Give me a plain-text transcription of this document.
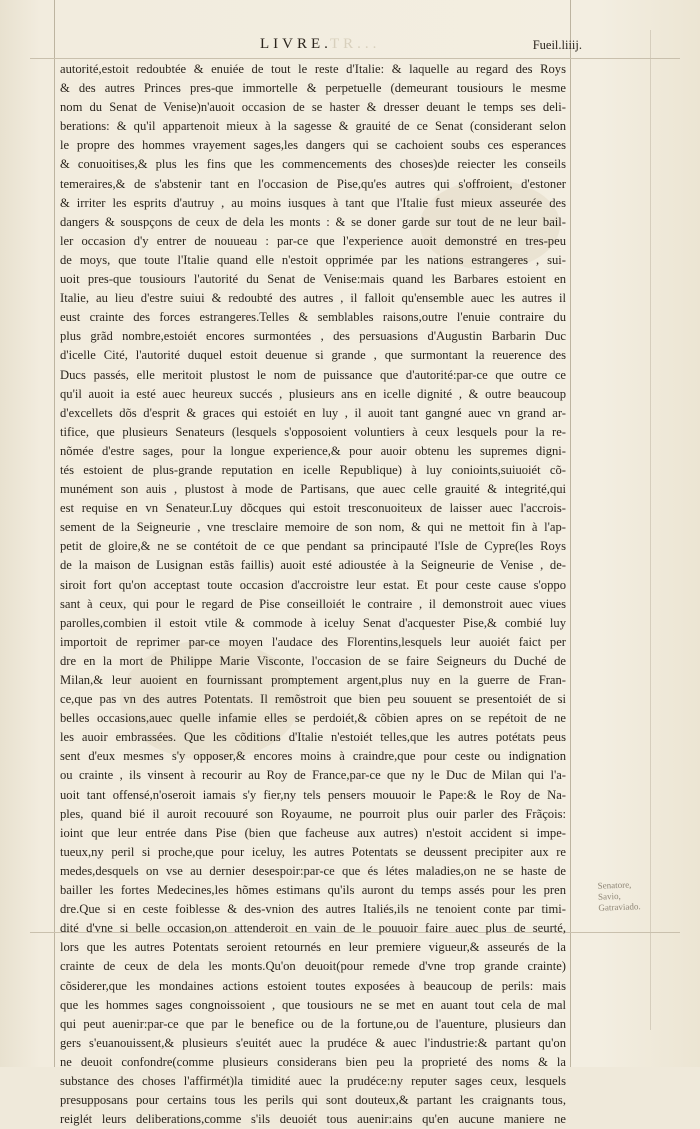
LIVRE.	Fueil.liiij.
TR...
autorité,estoit redoubtée & enuiée de tout le reste d'Italie: & laquelle au regard des Roys
& des autres Princes pres-que immortelle & perpetuelle (demeurant tousiours le mesme
nom du Senat de Venise)n'auoit occasion de se haster & dresser deuant le temps ses deli-
berations: & qu'il appartenoit mieux à la sagesse & grauité de ce Senat (considerant selon
le propre des hommes vrayement sages,les dangers qui se cachoient soubs ces esperances
& conuoitises,& plus les fins que les commencements des choses)de reiecter les conseils
temeraires,& de s'abstenir tant en l'occasion de Pise,qu'es autres qui s'offroient, d'estoner
& irriter les esprits d'autruy , au moins iusques à tant que l'Italie fust mieux asseurée des
dangers & souspçons de ceux de dela les monts : & se doner garde sur tout de ne leur bail-
ler occasion d'y entrer de nouueau : par-ce que l'experience auoit demonstré en tres-peu
de moys, que toute l'Italie quand elle n'estoit opprimée par les nations estrangeres , sui-
uoit pres-que tousiours l'autorité du Senat de Venise:mais quand les Barbares estoient en
Italie, au lieu d'estre suiui & redoubté des autres , il falloit qu'ensemble auec les autres il
eust crainte des forces estrangeres.Telles & semblables raisons,outre l'enuie contraire du
plus grãd nombre,estoiét encores surmontées , des persuasions d'Augustin Barbarin Duc
d'icelle Cité, l'autorité duquel estoit deuenue si grande , que surmontant la reuerence des
Ducs passés, elle meritoit plustost le nom de puissance que d'autorité:par-ce que outre ce
qu'il auoit ia esté auec heureux succés , plusieurs ans en icelle dignité , & outre beaucoup
d'excellets dõs d'esprit & graces qui estoiét en luy , il auoit tant gangné auec vn grand ar-
tifice, que plusieurs Senateurs (lesquels s'opposoient voluntiers à ceux lesquels pour la re-
nõmée d'estre sages, pour la longue experience,& pour auoir obtenu les supremes digni-
tés estoient de plus-grande reputation en icelle Republique) à luy conioints,suiuoiét cõ-
munément son auis , plustost à mode de Partisans, que auec celle grauité & integrité,qui
est requise en vn Senateur.Luy dõcques qui estoit tresconuoiteux de laisser auec l'accrois-
sement de la Seigneurie , vne tresclaire memoire de son nom, & qui ne mettoit fin à l'ap-
petit de gloire,& ne se contétoit de ce que pendant sa principauté l'Isle de Cypre(les Roys
de la maison de Lusignan estãs faillis) auoit esté adioustée à la Seigneurie de Venise , de-
siroit fort qu'on acceptast toute occasion d'accroistre leur estat. Et pour ceste cause s'oppo
sant à ceux, qui pour le regard de Pise conseilloiét le contraire , il demonstroit auec viues
parolles,combien il estoit vtile & commode à iceluy Senat d'acquester Pise,& combié luy
importoit de reprimer par-ce moyen l'audace des Florentins,lesquels leur auoiét faict per
dre en la mort de Philippe Marie Visconte, l'occasion de se faire Seigneurs du Duché de
Milan,& leur auoient en fournissant promptement argent,plus nuy en la guerre de Fran-
ce,que pas vn des autres Potentats. Il remõstroit que bien peu souuent se presentoiét de si
belles occasions,auec quelle infamie elles se perdoiét,& cõbien apres on se repétoit de ne
les auoir embrassées. Que les cõditions d'Italie n'estoiét telles,que les autres potétats peus
sent d'eux mesmes s'y opposer,& encores moins à craindre,que pour ceste ou indignation
ou crainte , ils vinsent à recourir au Roy de France,par-ce que ny le Duc de Milan qui l'a-
uoit tant offensé,n'oseroit iamais s'y fier,ny tels pensers mouuoir le Pape:& le Roy de Na-
ples, quand bié il auroit recouuré son Royaume, ne pourroit plus ouir parler des Frãçois:
ioint que leur entrée dans Pise (bien que facheuse aux autres) n'estoit accident si impe-
tueux,ny peril si proche,que pour iceluy, les autres Potentats se deussent precipiter aux re
medes,desquels on vse au dernier desespoir:par-ce que és létes maladies,on ne se haste de
bailler les fortes Medecines,les hõmes estimans qu'ils auront du temps assés pour les pren
dre.Que si en ceste foiblesse & des-vnion des autres Italiés,ils ne tenoient conte par timi-
dité d'vne si belle occasion,on attenderoit en vain de le pouuoir faire auec plus de seurté,
lors que les autres Potentats seroient retournés en leur premiere vigueur,& asseurés de la
crainte de ceux de dela les monts.Qu'on deuoit(pour remede d'vne trop grande crainte)
cõsiderer,que les mondaines actions estoient toutes exposées à beaucoup de perils: mais
que les hommes sages congnoissoient , que tousiours ne se met en auant tout cela de mal
qui peut auenir:par-ce que par le benefice ou de la fortune,ou de l'auenture, plusieurs dan
gers s'euanouissent,& plusieurs s'euitét auec la prudéce & auec l'industrie:& partant qu'on
ne deuoit confondre(comme plusieurs considerans bien peu la proprieté des noms & la
substance des choses l'affirmét)la timidité auec la prudéce:ny reputer sages ceux, lesquels
presupposans pour certains tous les perils qui sont douteux,& partant les craignants tous,
reiglét leurs deliberations,comme s'ils deuoiét tous auenir:ains qu'en aucune maniere ne
Senatore, Savio, Gatraviado.
